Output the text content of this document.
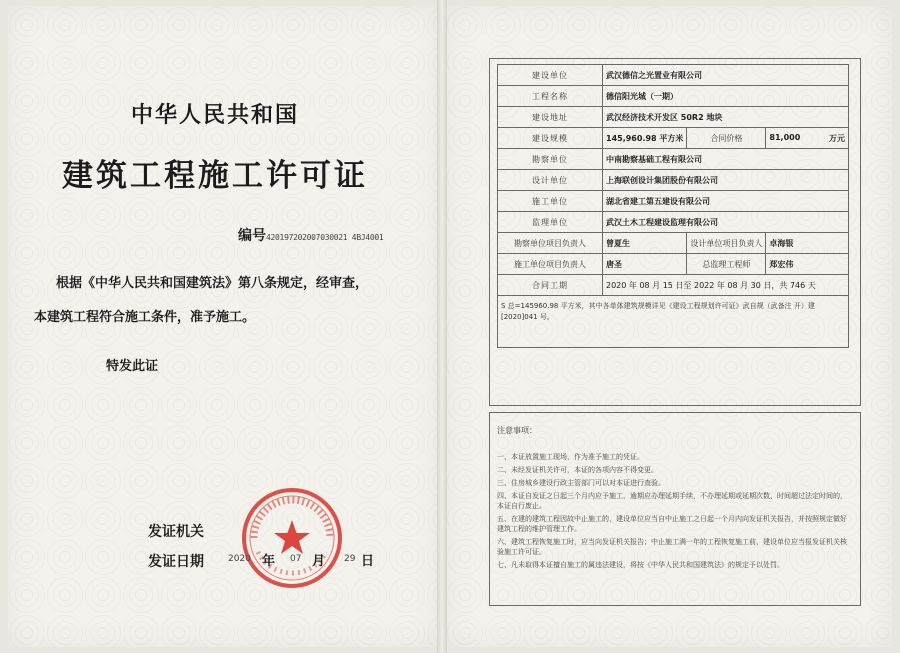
中华人民共和国
建筑工程施工许可证
编号420197202007030021 4BJ4001
根据《中华人民共和国建筑法》第八条规定，经审查，
本建筑工程符合施工条件，准予施工。
特发此证
发证机关
发证日期	2020 年 07 月 29 日
建设单位	武汉德信之光置业有限公司		
工程名称	德信阳光城（一期）		
建设地址	武汉经济技术开发区 50R2 地块		
建设规模	145,960.98 平方米	合同价格	81,000 万元

勘察单位	中南勘察基础工程有限公司		
设计单位	上海联创设计集团股份有限公司		
施工单位	湖北省建工第五建设有限公司		
监理单位	武汉土木工程建设监理有限公司		
勘察单位项目负责人	曾夏生	设计单位项目负责人	卓海银
施工单位项目负责人	唐圣	总监理工程师	郑宏伟
合同工期	2020 年 08 月 15 日至 2022 年 08 月 30 日，共 746 天		
S 总=145960.98 平方米，其中各单体建筑规模详见《建设工程规划许可证》武自规（武备注 开）建[2020]041 号。			
注意事项：
一、本证放置施工现场，作为准予施工的凭证。
二、未经发证机关许可，本证的各项内容不得变更。
三、住房城乡建设行政主管部门可以对本证进行查验。
四、本证自发证之日起三个月内应予施工，逾期应办理延期手续，不办理延期或延期次数、时间超过法定时间的，本证自行废止。
五、在建的建筑工程因故中止施工的，建设单位应当自中止施工之日起一个月内向发证机关报告，并按照规定做好建筑工程的维护管理工作。
六、建筑工程恢复施工时，应当向发证机关报告；中止施工满一年的工程恢复施工前，建设单位应当报发证机关核验施工许可证。
七、凡未取得本证擅自施工的属违法建设，将按《中华人民共和国建筑法》的规定予以处罚。
